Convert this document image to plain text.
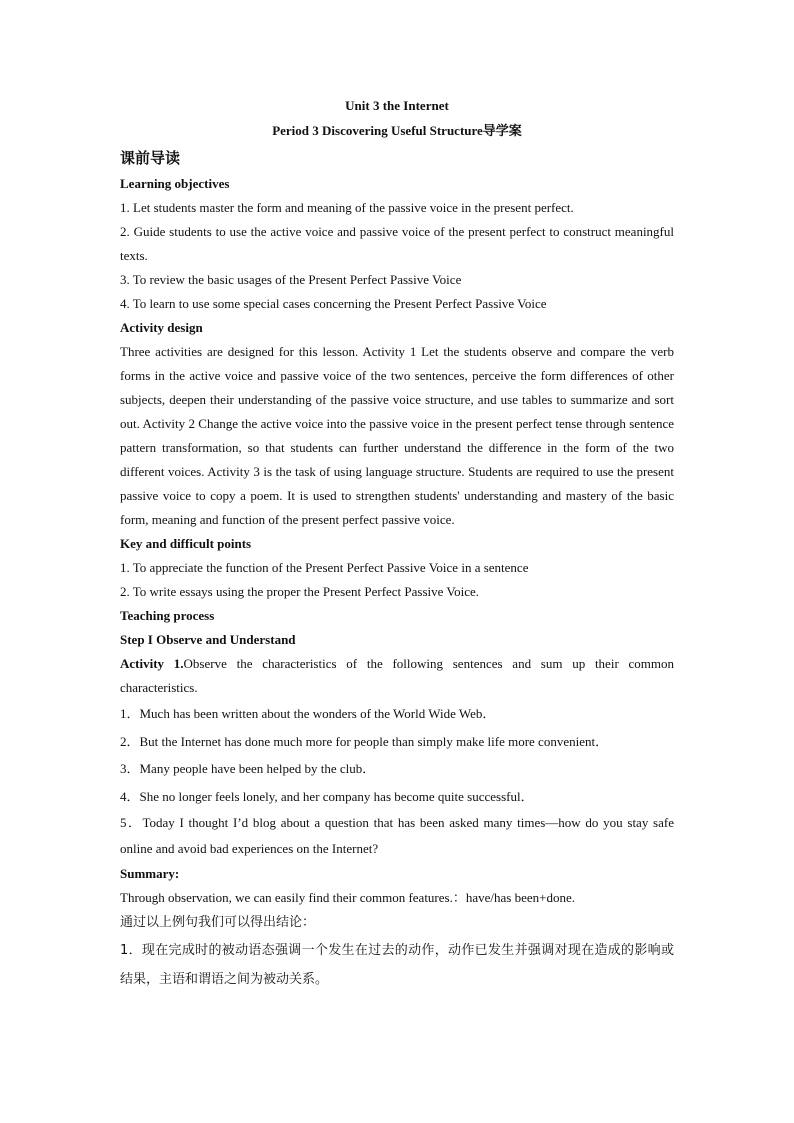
Unit 3 the Internet
Period 3 Discovering Useful Structure导学案
课前导读
Learning objectives
1. Let students master the form and meaning of the passive voice in the present perfect.
2. Guide students to use the active voice and passive voice of the present perfect to construct meaningful texts.
3. To review the basic usages of the Present Perfect Passive Voice
4. To learn to use some special cases concerning the Present Perfect Passive Voice
Activity design
Three activities are designed for this lesson. Activity 1 Let the students observe and compare the verb forms in the active voice and passive voice of the two sentences, perceive the form differences of other subjects, deepen their understanding of the passive voice structure, and use tables to summarize and sort out. Activity 2 Change the active voice into the passive voice in the present perfect tense through sentence pattern transformation, so that students can further understand the difference in the form of the two different voices. Activity 3 is the task of using language structure. Students are required to use the present passive voice to copy a poem. It is used to strengthen students' understanding and mastery of the basic form, meaning and function of the present perfect passive voice.
Key and difficult points
1. To appreciate the function of the Present Perfect Passive Voice in a sentence
2. To write essays using the proper the Present Perfect Passive Voice.
Teaching process
Step I Observe and Understand
Activity 1.Observe the characteristics of the following sentences and sum up their common characteristics.
1．Much has been written about the wonders of the World Wide Web．
2．But the Internet has done much more for people than simply make life more convenient．
3．Many people have been helped by the club．
4．She no longer feels lonely, and her company has become quite successful．
5．Today I thought I’d blog about a question that has been asked many times—how do you stay safe online and avoid bad experiences on the Internet?
Summary:
Through observation, we can easily find their common features.：have/has been+done.
通过以上例句我们可以得出结论：
1．现在完成时的被动语态强调一个发生在过去的动作，动作已发生并强调对现在造成的影响或结果，主语和谓语之间为被动关系。
